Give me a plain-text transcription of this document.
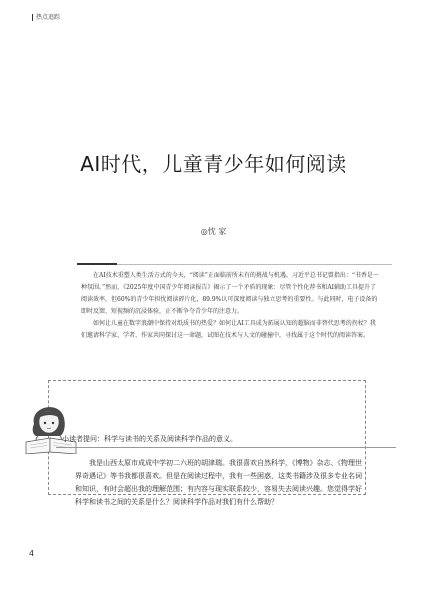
热点追踪
AI时代，儿童青少年如何阅读
◎忱 家

在AI技术重塑人类生活方式的今天，“阅读”正面临前所未有的挑战与机遇。习近平总书记曾指出：“书香是一种氛围。”然而，《2025年度中国青少年阅读报告》揭示了一个矛盾的现象：尽管个性化荐书和AI辅助工具提升了阅读效率，但60%的青少年担忧阅读碎片化，89.9%认可深度阅读与独立思考的重要性。与此同时，电子设备的即时反馈、短视频的沉浸体验，正不断争夺青少年的注意力。

如何让儿童在数字浪潮中保持对纸质书的热爱？如何让AI工具成为拓展认知的超脑而非替代思考的拐杖？我们邀请科学家、学者、作家共同探讨这一命题，试图在技术与人文的碰撞中，寻找属于这个时代的阅读答案。

小读者提问：科学与读书的关系及阅读科学作品的意义。

我是山西太原市成成中学初二六班的胡津瑞。我很喜欢自然科学，《博物》杂志、《物理世界奇遇记》等书我都很喜欢。但是在阅读过程中，我有一些困惑，这类书籍涉及很多专业名词和知识，有时会超出我的理解范围；有内容与现实联系较少，容易失去阅读兴趣。您觉得学好科学和读书之间的关系是什么？阅读科学作品对我们有什么帮助？

4
